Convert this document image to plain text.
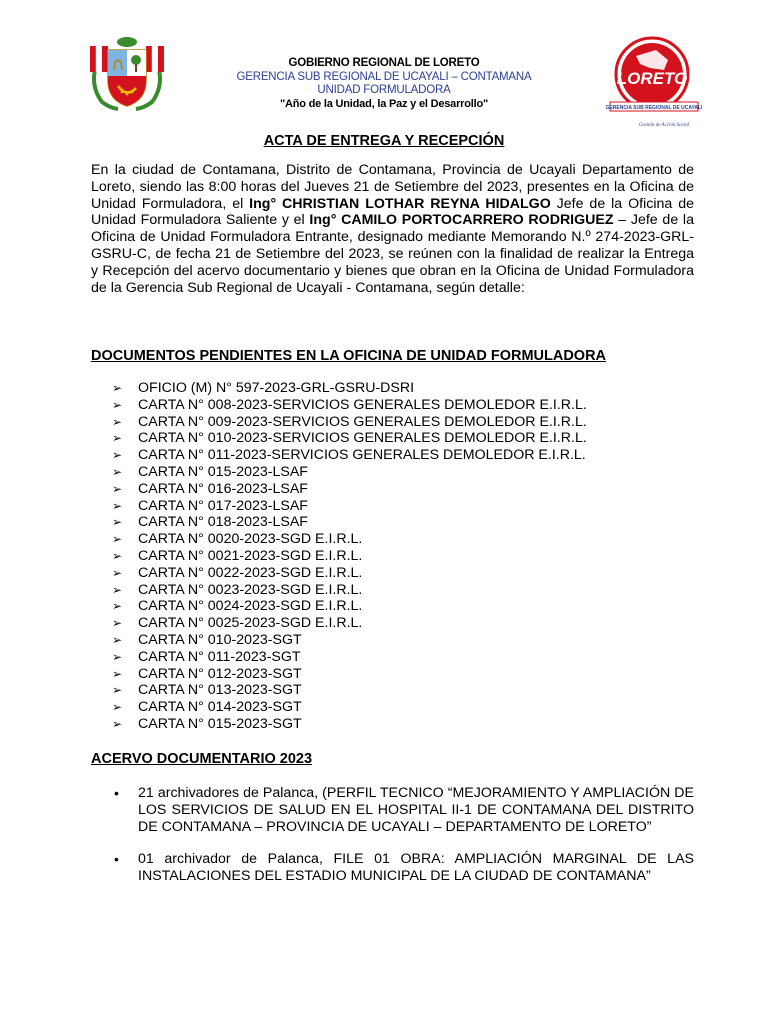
GOBIERNO REGIONAL DE LORETO
GERENCIA SUB REGIONAL DE UCAYALI – CONTAMANA
UNIDAD FORMULADORA
"Año de la Unidad, la Paz y el Desarrollo"
LORETO
GERENCIA SUB REGIONAL DE UCAYALI
Gestión de Acción Social
ACTA DE ENTREGA Y RECEPCIÓN
En la ciudad de Contamana, Distrito de Contamana, Provincia de Ucayali Departamento de Loreto, siendo las 8:00 horas del Jueves 21 de Setiembre del 2023, presentes en la Oficina de Unidad Formuladora, el Ing° CHRISTIAN LOTHAR REYNA HIDALGO Jefe de la Oficina de Unidad Formuladora Saliente y el Ing° CAMILO PORTOCARRERO RODRIGUEZ – Jefe de la Oficina de Unidad Formuladora Entrante, designado mediante Memorando N.º 274-2023-GRL-GSRU-C, de fecha 21 de Setiembre del 2023, se reúnen con la finalidad de realizar la Entrega y Recepción del acervo documentario y bienes que obran en la Oficina de Unidad Formuladora de la Gerencia Sub Regional de Ucayali - Contamana, según detalle:
DOCUMENTOS PENDIENTES EN LA OFICINA DE UNIDAD FORMULADORA
➢	OFICIO (M) N° 597-2023-GRL-GSRU-DSRI
➢	CARTA N° 008-2023-SERVICIOS GENERALES DEMOLEDOR E.I.R.L.
➢	CARTA N° 009-2023-SERVICIOS GENERALES DEMOLEDOR E.I.R.L.
➢	CARTA N° 010-2023-SERVICIOS GENERALES DEMOLEDOR E.I.R.L.
➢	CARTA N° 011-2023-SERVICIOS GENERALES DEMOLEDOR E.I.R.L.
➢	CARTA N° 015-2023-LSAF
➢	CARTA N° 016-2023-LSAF
➢	CARTA N° 017-2023-LSAF
➢	CARTA N° 018-2023-LSAF
➢	CARTA N° 0020-2023-SGD E.I.R.L.
➢	CARTA N° 0021-2023-SGD E.I.R.L.
➢	CARTA N° 0022-2023-SGD E.I.R.L.
➢	CARTA N° 0023-2023-SGD E.I.R.L.
➢	CARTA N° 0024-2023-SGD E.I.R.L.
➢	CARTA N° 0025-2023-SGD E.I.R.L.
➢	CARTA N° 010-2023-SGT
➢	CARTA N° 011-2023-SGT
➢	CARTA N° 012-2023-SGT
➢	CARTA N° 013-2023-SGT
➢	CARTA N° 014-2023-SGT
➢	CARTA N° 015-2023-SGT
ACERVO DOCUMENTARIO 2023
• 21 archivadores de Palanca, (PERFIL TECNICO “MEJORAMIENTO Y AMPLIACIÓN DE LOS SERVICIOS DE SALUD EN EL HOSPITAL II-1 DE CONTAMANA DEL DISTRITO DE CONTAMANA – PROVINCIA DE UCAYALI – DEPARTAMENTO DE LORETO”
• 01 archivador de Palanca, FILE 01 OBRA: AMPLIACIÓN MARGINAL DE LAS INSTALACIONES DEL ESTADIO MUNICIPAL DE LA CIUDAD DE CONTAMANA”
